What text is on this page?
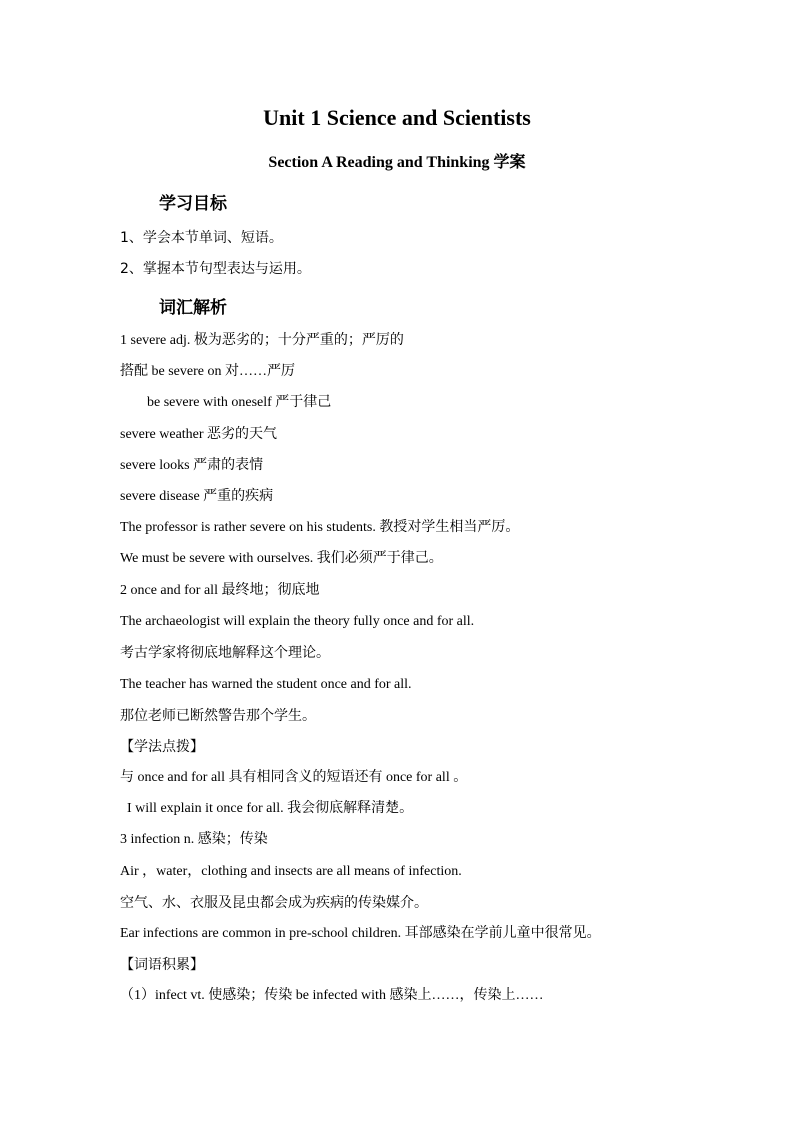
Unit 1 Science and Scientists
Section A Reading and Thinking 学案
学习目标
1、学会本节单词、短语。
2、掌握本节句型表达与运用。
词汇解析
1 severe adj. 极为恶劣的；十分严重的；严厉的
搭配 be severe on 对……严厉
be severe with oneself 严于律己
severe weather 恶劣的天气
severe looks 严肃的表情
severe disease 严重的疾病
The professor is rather severe on his students. 教授对学生相当严厉。
We must be severe with ourselves. 我们必须严于律己。
2 once and for all 最终地；彻底地
The archaeologist will explain the theory fully once and for all.
考古学家将彻底地解释这个理论。
The teacher has warned the student once and for all.
那位老师已断然警告那个学生。
【学法点拨】
与 once and for all 具有相同含义的短语还有 once for all 。
I will explain it once for all. 我会彻底解释清楚。
3 infection n. 感染；传染
Air ，water，clothing and insects are all means of infection.
空气、水、衣服及昆虫都会成为疾病的传染媒介。
Ear infections are common in pre-school children. 耳部感染在学前儿童中很常见。
【词语积累】
（1）infect vt. 使感染；传染 be infected with 感染上……，传染上……
